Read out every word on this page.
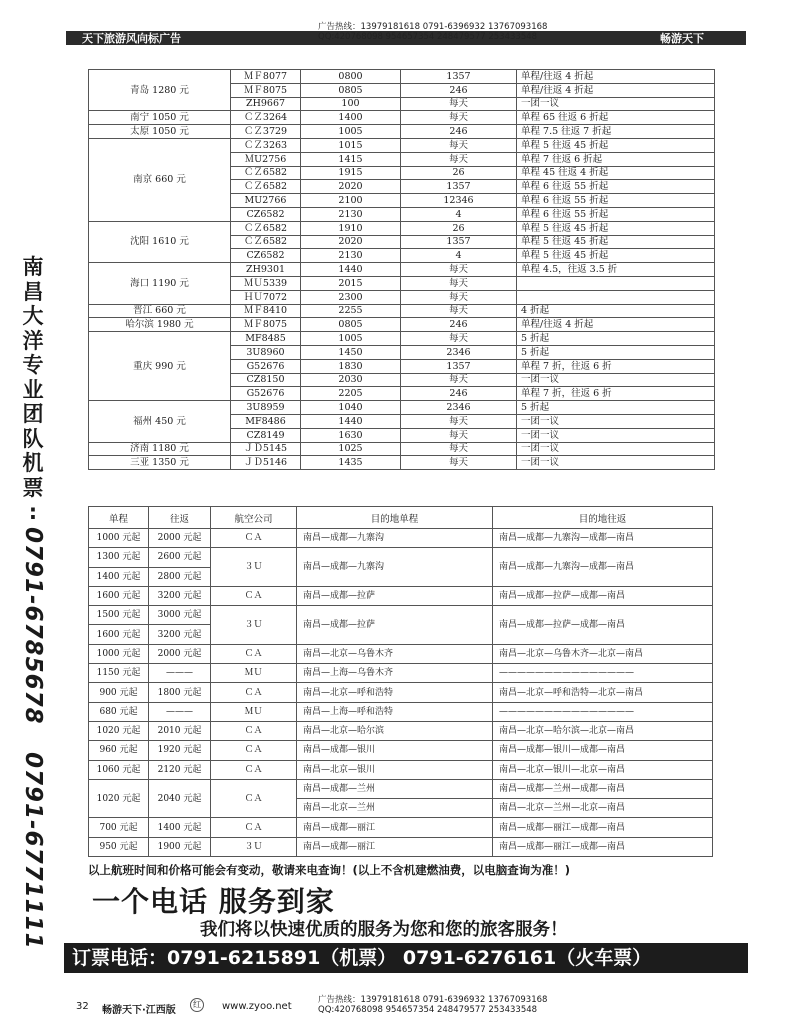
天下旅游风向标广告	畅游天下
广告热线：13979181618 0791-6396932 13767093168
QQ:420768098 954657354 248479577 253433548
南
昌
大
洋
专
业
团
队
机
票
:
0791-6785678
0791-6771111
青岛 1280 元	ＭＦ8077	0800	1357	单程/往返 4 折起
	ＭＦ8075	0805	246	单程/往返 4 折起
	ZH9667	100	每天	一团一议
南宁 1050 元	ＣＺ3264	1400	每天	单程 65 往返 6 折起
太原 1050 元	ＣＺ3729	1005	246	单程 7.5 往返 7 折起
南京 660 元	ＣＺ3263	1015	每天	单程 5 往返 45 折起
	ＭU2756	1415	每天	单程 7 往返 6 折起
	ＣＺ6582	1915	26	单程 45 往返 4 折起
	ＣＺ6582	2020	1357	单程 6 往返 55 折起
	MU2766	2100	12346	单程 6 往返 55 折起
	CZ6582	2130	4	单程 6 往返 55 折起
沈阳 1610 元	ＣＺ6582	1910	26	单程 5 往返 45 折起
	ＣＺ6582	2020	1357	单程 5 往返 45 折起
	CZ6582	2130	4	单程 5 往返 45 折起
海口 1190 元	ZH9301	1440	每天	单程 4.5，往返 3.5 折
	ＭＵ5339	2015	每天	
	ＨＵ7072	2300	每天	
晋江 660 元	ＭＦ8410	2255	每天	4 折起
哈尔滨 1980 元	ＭＦ8075	0805	246	单程/往返 4 折起
重庆 990 元	MF8485	1005	每天	5 折起
	3U8960	1450	2346	5 折起
	G52676	1830	1357	单程 7 折，往返 6 折
	CZ8150	2030	每天	一团一议
	G52676	2205	246	单程 7 折，往返 6 折
福州 450 元	3U8959	1040	2346	5 折起
	MF8486	1440	每天	一团一议
	CZ8149	1630	每天	一团一议
济南 1180 元	ＪＤ5145	1025	每天	一团一议
三亚 1350 元	ＪＤ5146	1435	每天	一团一议
单程	往返	航空公司	目的地单程	目的地往返
1000 元起	2000 元起	ＣＡ	南昌—成都—九寨沟	南昌—成都—九寨沟—成都—南昌
1300 元起	2600 元起	３Ｕ	南昌—成都—九寨沟	南昌—成都—九寨沟—成都—南昌
1400 元起	2800 元起			
1600 元起	3200 元起	ＣＡ	南昌—成都—拉萨	南昌—成都—拉萨—成都—南昌
1500 元起	3000 元起	３Ｕ	南昌—成都—拉萨	南昌—成都—拉萨—成都—南昌
1600 元起	3200 元起			
1000 元起	2000 元起	ＣＡ	南昌—北京—乌鲁木齐	南昌—北京—乌鲁木齐—北京—南昌
1150 元起	———	ＭＵ	南昌—上海—乌鲁木齐	———————————————
900 元起	1800 元起	ＣＡ	南昌—北京—呼和浩特	南昌—北京—呼和浩特—北京—南昌
680 元起	———	ＭＵ	南昌—上海—呼和浩特	———————————————
1020 元起	2010 元起	ＣＡ	南昌—北京—哈尔滨	南昌—北京—哈尔滨—北京—南昌
960 元起	1920 元起	ＣＡ	南昌—成都—银川	南昌—成都—银川—成都—南昌
1060 元起	2120 元起	ＣＡ	南昌—北京—银川	南昌—北京—银川—北京—南昌
1020 元起	2040 元起	ＣＡ	南昌—成都—兰州	南昌—成都—兰州—成都—南昌
			南昌—北京—兰州	南昌—北京—兰州—北京—南昌
700 元起	1400 元起	ＣＡ	南昌—成都—丽江	南昌—成都—丽江—成都—南昌
950 元起	1900 元起	３Ｕ	南昌—成都—丽江	南昌—成都—丽江—成都—南昌
以上航班时间和价格可能会有变动，敬请来电查询！(以上不含机建燃油费，以电脑查询为准！)
一个电话 服务到家
我们将以快速优质的服务为您和您的旅客服务！
订票电话：0791-6215891（机票） 0791-6276161（火车票）
32 畅游天下·江西版
红	www.zyoo.net
广告热线：13979181618 0791-6396932 13767093168
QQ:420768098 954657354 248479577 253433548
